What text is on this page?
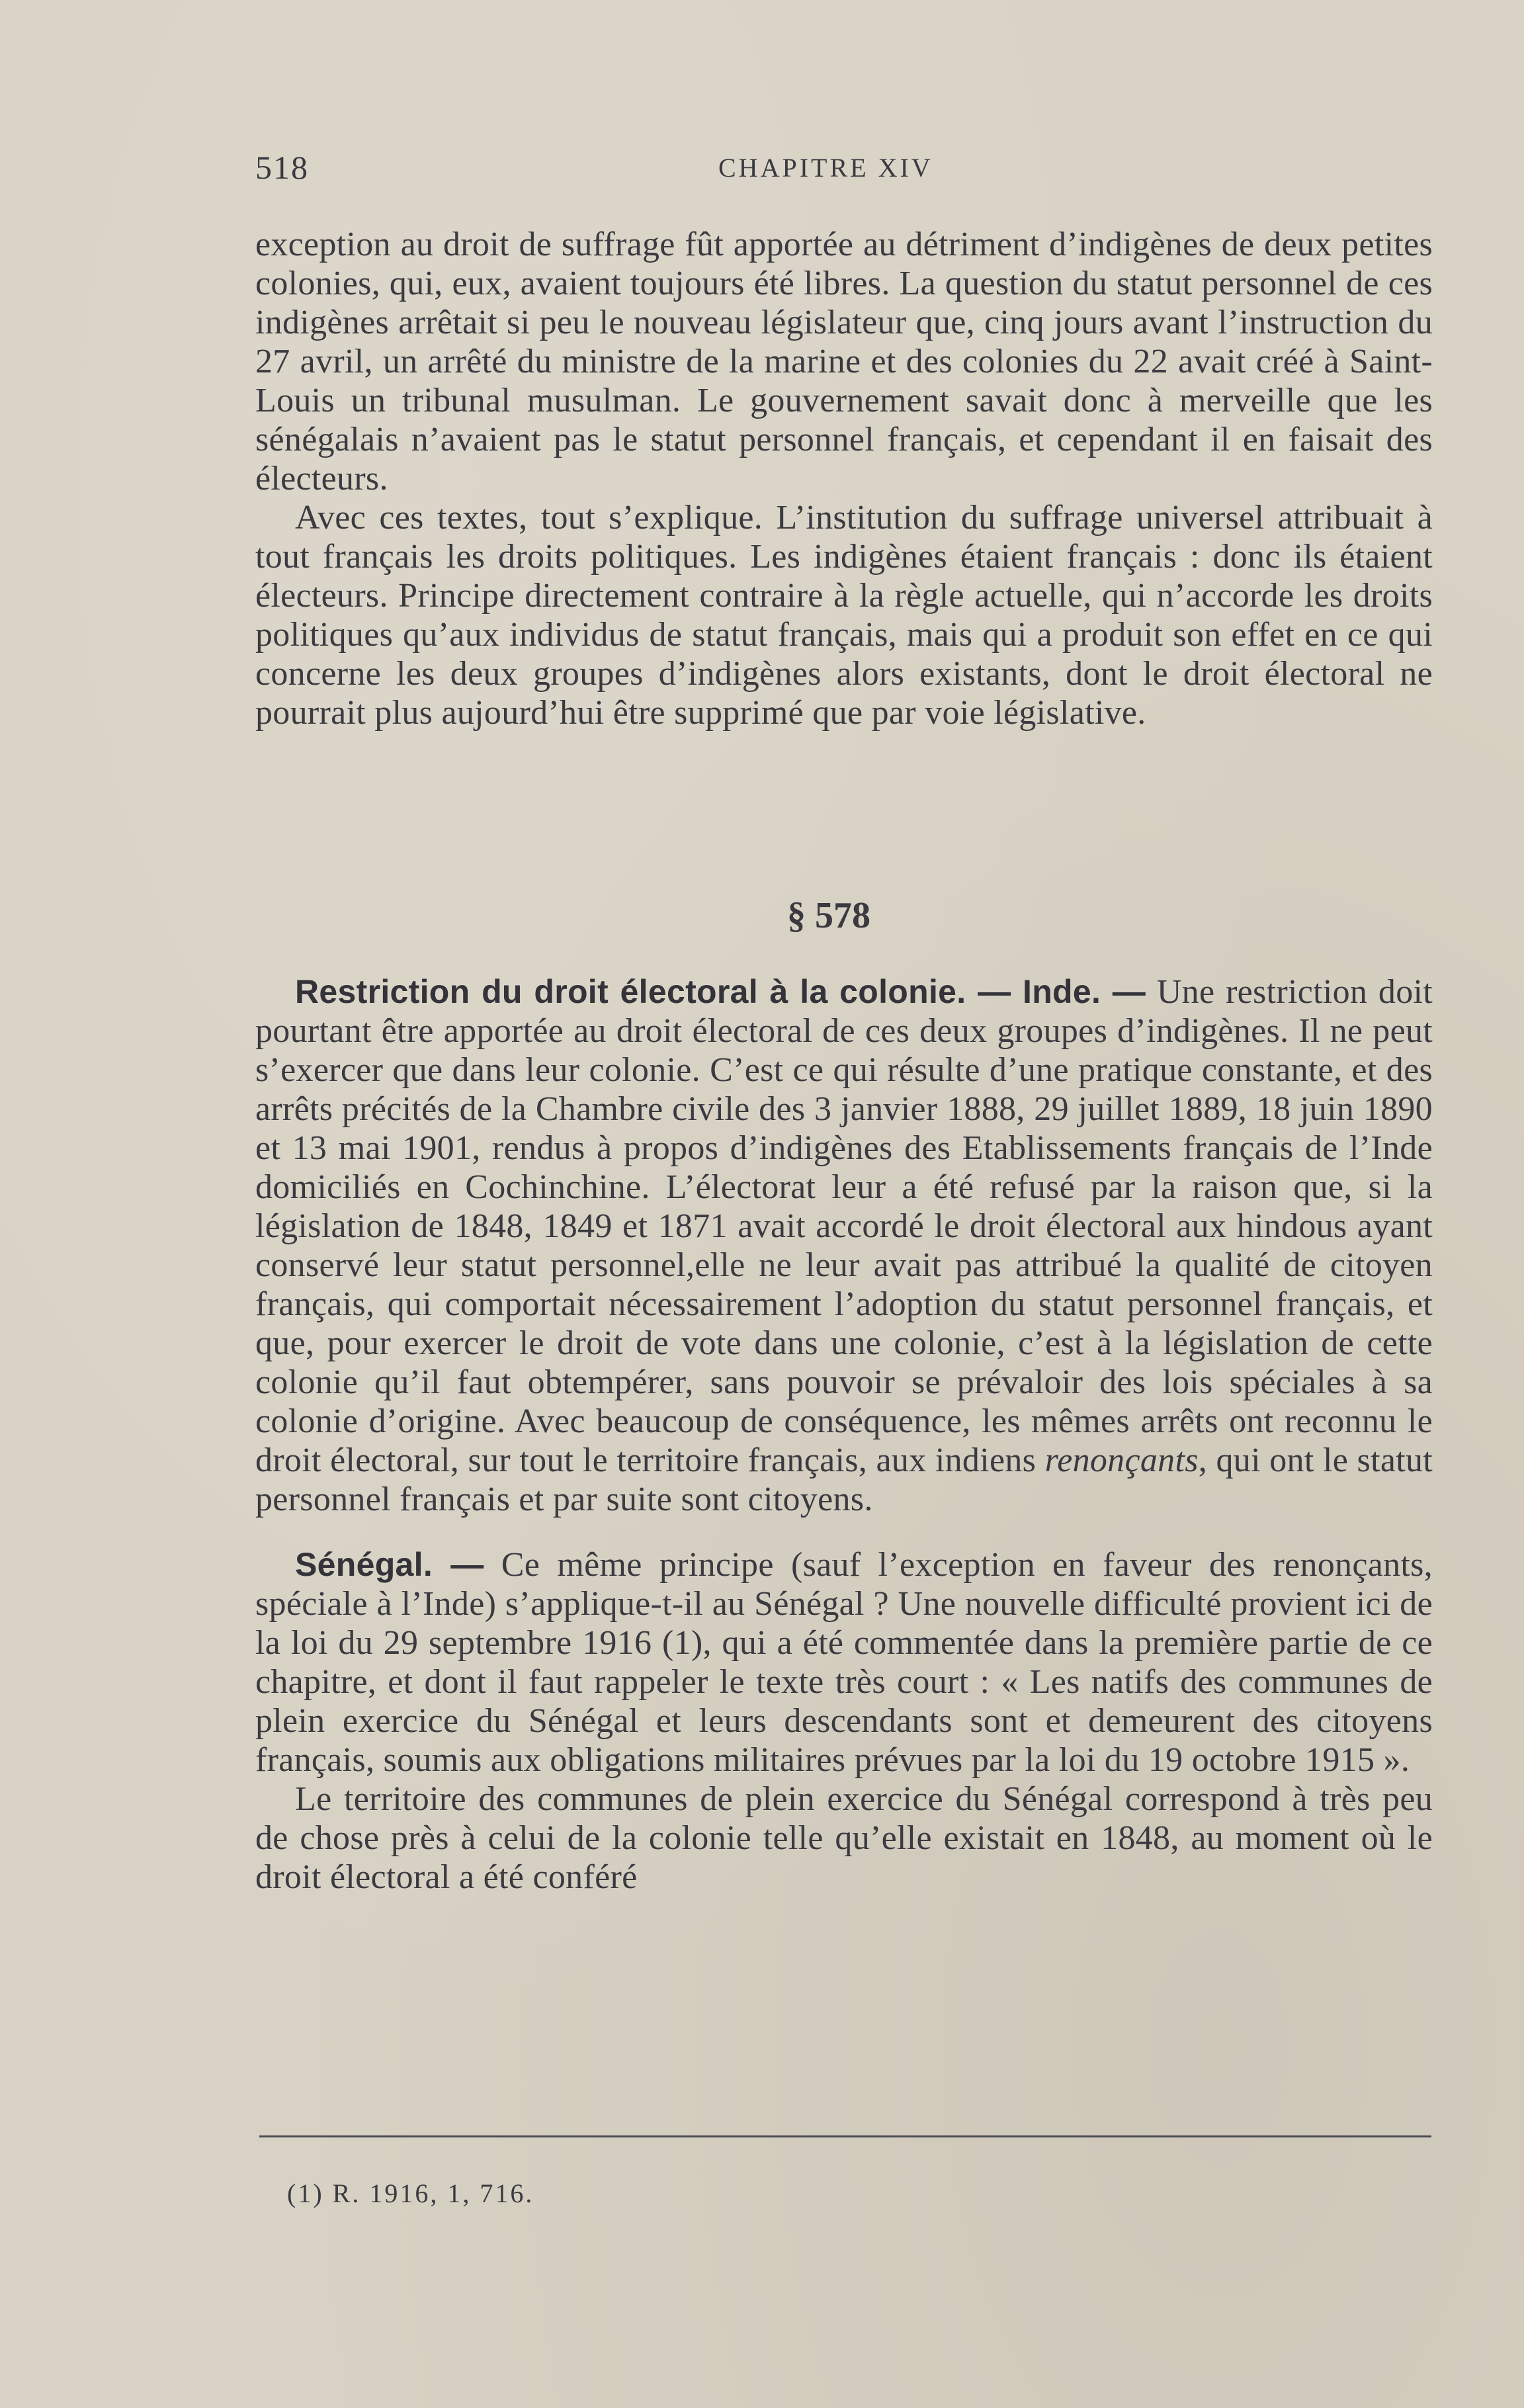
518	CHAPITRE XIV

exception au droit de suffrage fût apportée au détriment d’indigènes de deux petites colonies, qui, eux, avaient toujours été libres. La question du statut personnel de ces indigènes arrêtait si peu le nouveau législateur que, cinq jours avant l’instruction du 27 avril, un arrêté du ministre de la marine et des colonies du 22 avait créé à Saint-Louis un tribunal musulman. Le gouvernement savait donc à merveille que les sénégalais n’avaient pas le statut personnel français, et cependant il en faisait des électeurs.

Avec ces textes, tout s’explique. L’institution du suffrage universel attribuait à tout français les droits politiques. Les indigènes étaient français : donc ils étaient électeurs. Principe directement contraire à la règle actuelle, qui n’accorde les droits politiques qu’aux individus de statut français, mais qui a produit son effet en ce qui concerne les deux groupes d’indigènes alors existants, dont le droit électoral ne pourrait plus aujourd’hui être supprimé que par voie législative.

§ 578

Restriction du droit électoral à la colonie. — Inde. — Une restriction doit pourtant être apportée au droit électoral de ces deux groupes d’indigènes. Il ne peut s’exercer que dans leur colonie. C’est ce qui résulte d’une pratique constante, et des arrêts précités de la Chambre civile des 3 janvier 1888, 29 juillet 1889, 18 juin 1890 et 13 mai 1901, rendus à propos d’indigènes des Etablissements français de l’Inde domiciliés en Cochinchine. L’électorat leur a été refusé par la raison que, si la législation de 1848, 1849 et 1871 avait accordé le droit électoral aux hindous ayant conservé leur statut personnel,elle ne leur avait pas attribué la qualité de citoyen français, qui comportait nécessairement l’adoption du statut personnel français, et que, pour exercer le droit de vote dans une colonie, c’est à la législation de cette colonie qu’il faut obtempérer, sans pouvoir se prévaloir des lois spéciales à sa colonie d’origine. Avec beaucoup de conséquence, les mêmes arrêts ont reconnu le droit électoral, sur tout le territoire français, aux indiens renonçants, qui ont le statut personnel français et par suite sont citoyens.

Sénégal. — Ce même principe (sauf l’exception en faveur des renonçants, spéciale à l’Inde) s’applique-t-il au Sénégal ? Une nouvelle difficulté provient ici de la loi du 29 septembre 1916 (1), qui a été commentée dans la première partie de ce chapitre, et dont il faut rappeler le texte très court : « Les natifs des communes de plein exercice du Sénégal et leurs descendants sont et demeurent des citoyens français, soumis aux obligations militaires prévues par la loi du 19 octobre 1915 ».

Le territoire des communes de plein exercice du Sénégal correspond à très peu de chose près à celui de la colonie telle qu’elle existait en 1848, au moment où le droit électoral a été conféré

(1) R. 1916, 1, 716.
